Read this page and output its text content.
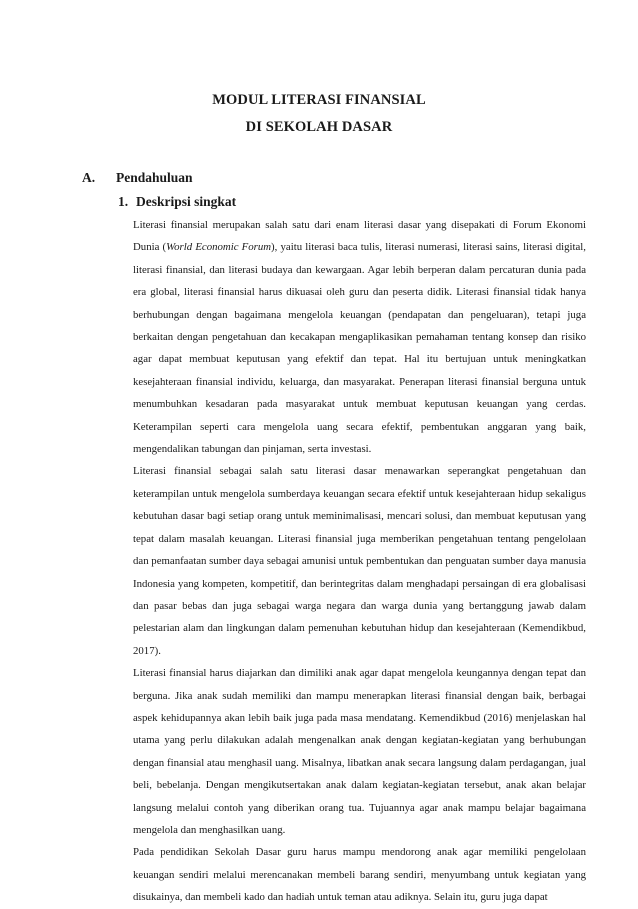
MODUL LITERASI FINANSIAL
DI SEKOLAH DASAR
A. Pendahuluan
1. Deskripsi singkat

Literasi finansial merupakan salah satu dari enam literasi dasar yang disepakati di Forum Ekonomi Dunia (World Economic Forum), yaitu literasi baca tulis, literasi numerasi, literasi sains, literasi digital, literasi finansial, dan literasi budaya dan kewargaan. Agar lebih berperan dalam percaturan dunia pada era global, literasi finansial harus dikuasai oleh guru dan peserta didik. Literasi finansial tidak hanya berhubungan dengan bagaimana mengelola keuangan (pendapatan dan pengeluaran), tetapi juga berkaitan dengan pengetahuan dan kecakapan mengaplikasikan pemahaman tentang konsep dan risiko agar dapat membuat keputusan yang efektif dan tepat. Hal itu bertujuan untuk meningkatkan kesejahteraan finansial individu, keluarga, dan masyarakat. Penerapan literasi finansial berguna untuk menumbuhkan kesadaran pada masyarakat untuk membuat keputusan keuangan yang cerdas. Keterampilan seperti cara mengelola uang secara efektif, pembentukan anggaran yang baik, mengendalikan tabungan dan pinjaman, serta investasi.

Literasi finansial sebagai salah satu literasi dasar menawarkan seperangkat pengetahuan dan keterampilan untuk mengelola sumberdaya keuangan secara efektif untuk kesejahteraan hidup sekaligus kebutuhan dasar bagi setiap orang untuk meminimalisasi, mencari solusi, dan membuat keputusan yang tepat dalam masalah keuangan. Literasi finansial juga memberikan pengetahuan tentang pengelolaan dan pemanfaatan sumber daya sebagai amunisi untuk pembentukan dan penguatan sumber daya manusia Indonesia yang kompeten, kompetitif, dan berintegritas dalam menghadapi persaingan di era globalisasi dan pasar bebas dan juga sebagai warga negara dan warga dunia yang bertanggung jawab dalam pelestarian alam dan lingkungan dalam pemenuhan kebutuhan hidup dan kesejahteraan (Kemendikbud, 2017).

Literasi finansial harus diajarkan dan dimiliki anak agar dapat mengelola keungannya dengan tepat dan berguna. Jika anak sudah memiliki dan mampu menerapkan literasi finansial dengan baik, berbagai aspek kehidupannya akan lebih baik juga pada masa mendatang. Kemendikbud (2016) menjelaskan hal utama yang perlu dilakukan adalah mengenalkan anak dengan kegiatan-kegiatan yang berhubungan dengan finansial atau menghasil uang. Misalnya, libatkan anak secara langsung dalam perdagangan, jual beli, bebelanja. Dengan mengikutsertakan anak dalam kegiatan-kegiatan tersebut, anak akan belajar langsung melalui contoh yang diberikan orang tua. Tujuannya agar anak mampu belajar bagaimana mengelola dan menghasilkan uang.

Pada pendidikan Sekolah Dasar guru harus mampu mendorong anak agar memiliki pengelolaan keuangan sendiri melalui merencanakan membeli barang sendiri, menyumbang untuk kegiatan yang disukainya, dan membeli kado dan hadiah untuk teman atau adiknya. Selain itu, guru juga dapat
